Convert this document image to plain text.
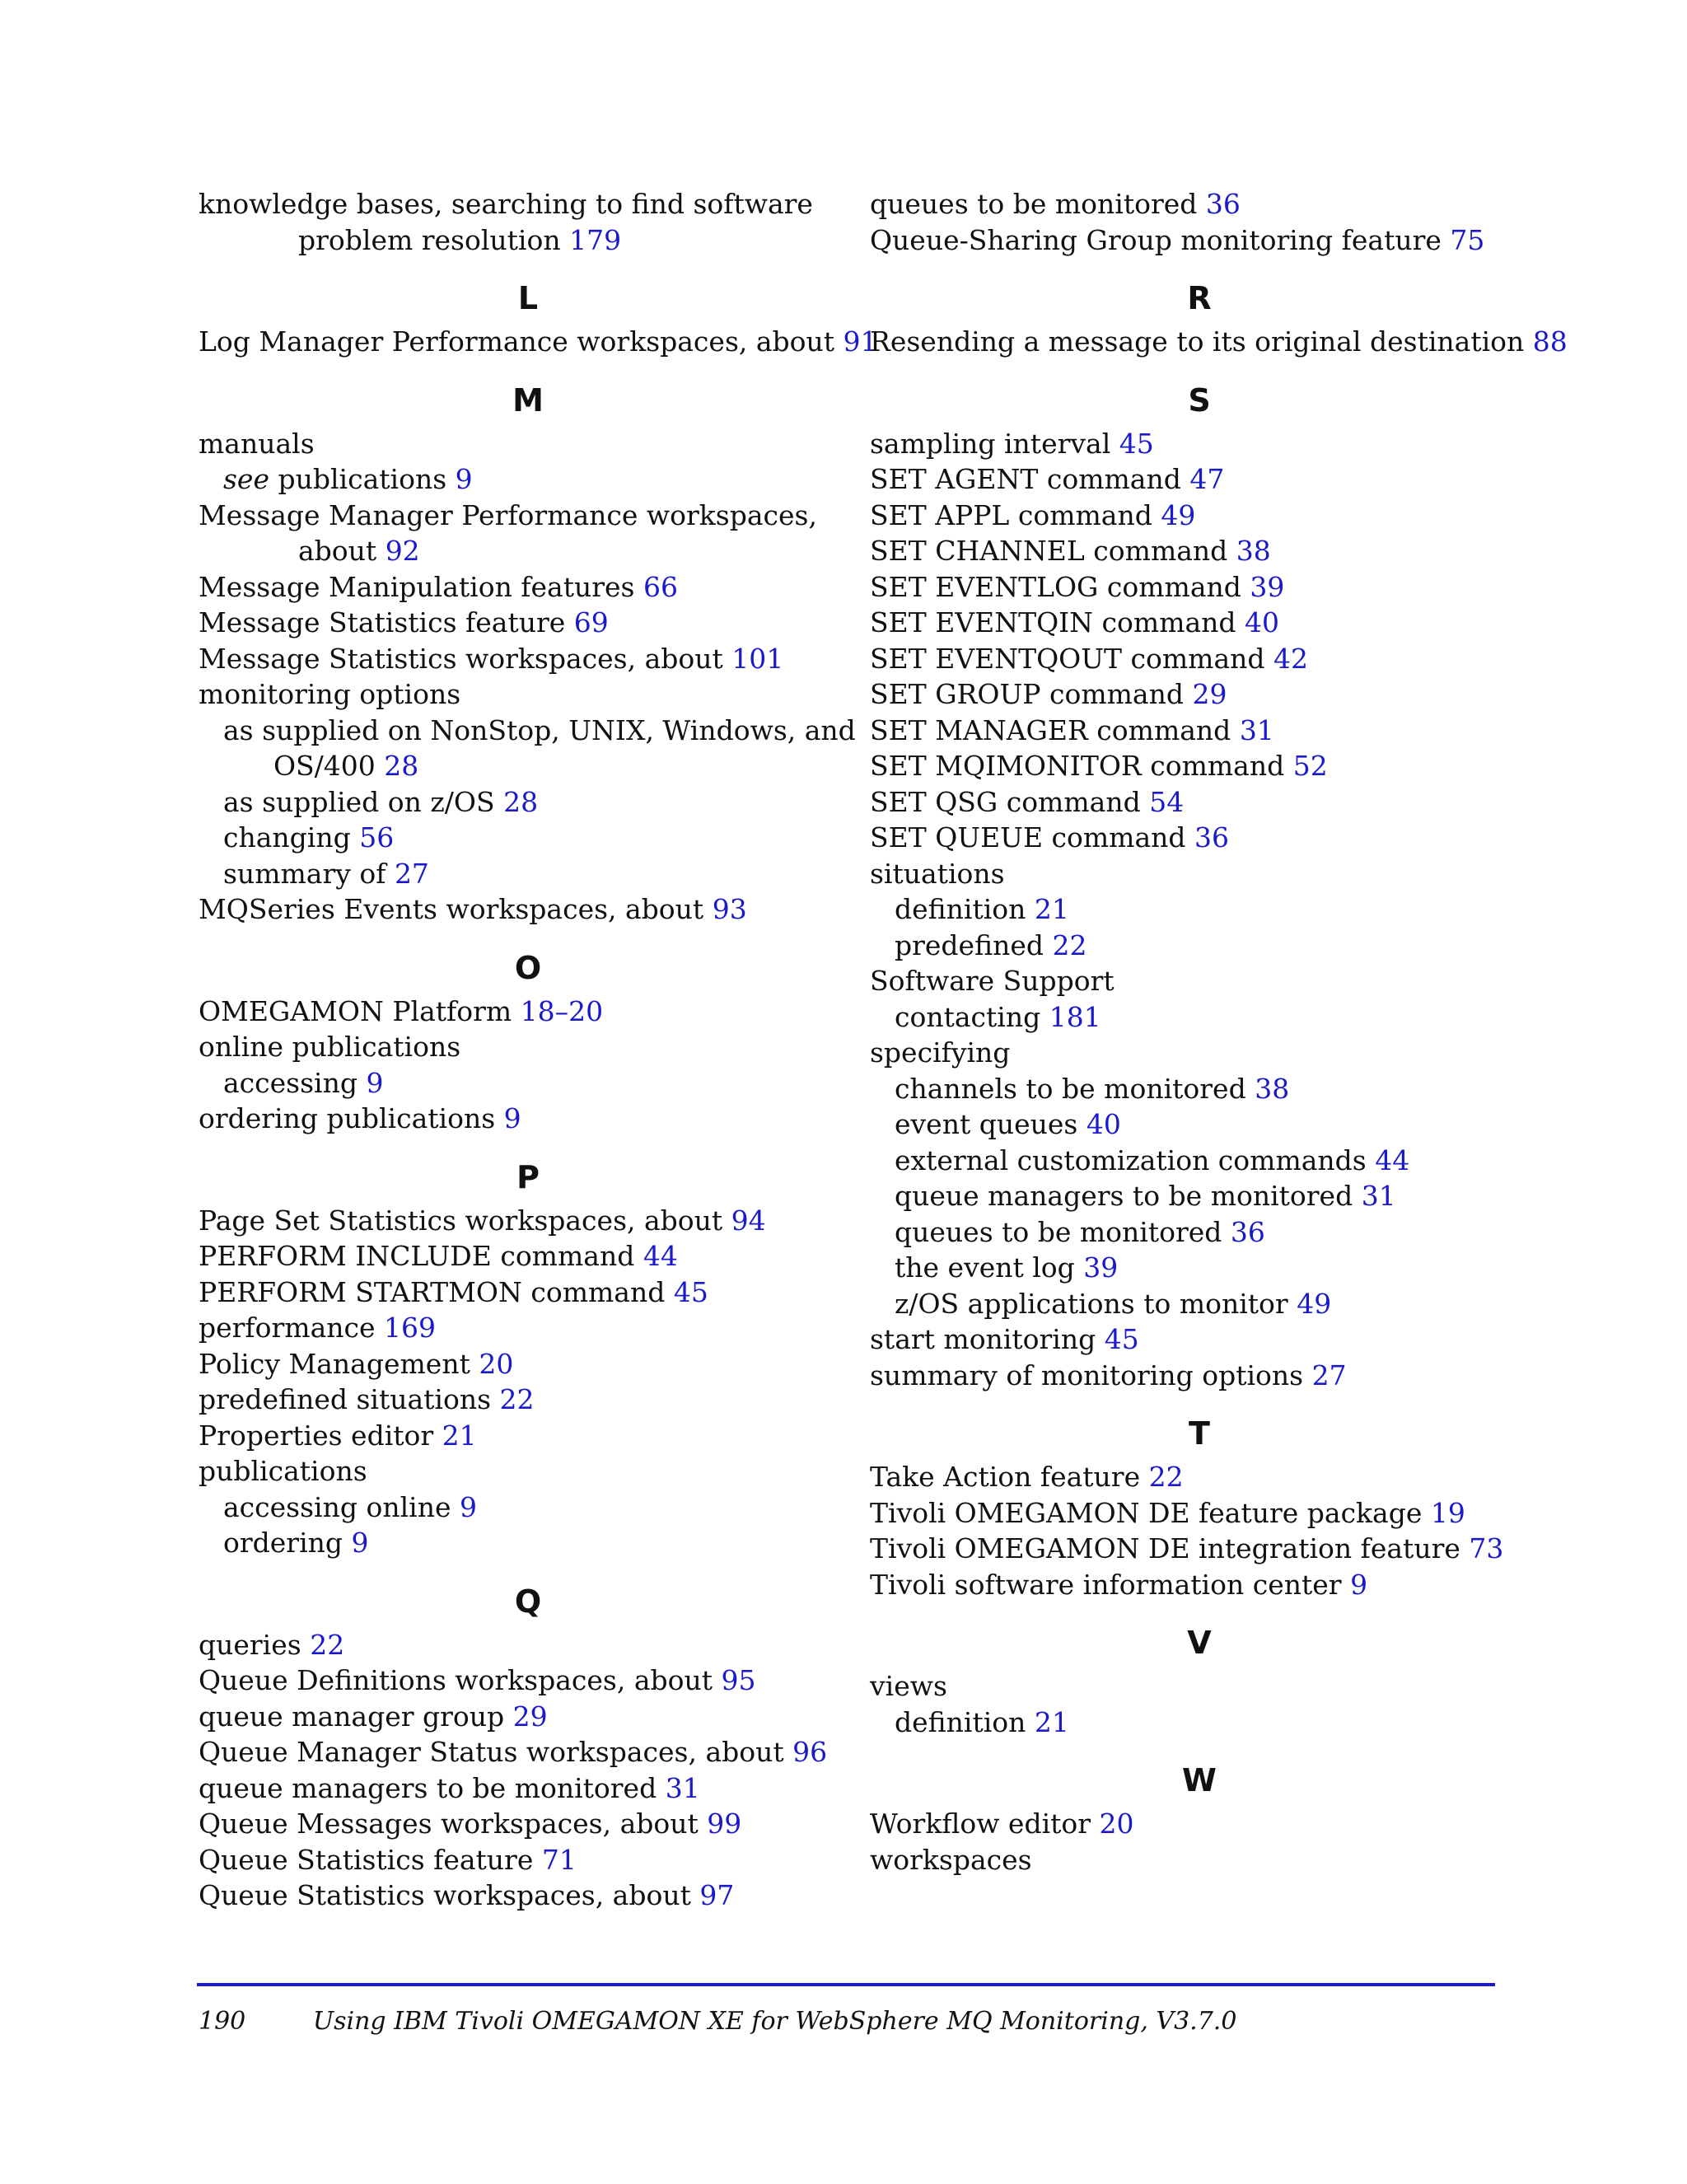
knowledge bases, searching to find software problem resolution 179
L
Log Manager Performance workspaces, about 91
M
manuals
see publications 9
Message Manager Performance workspaces, about 92
Message Manipulation features 66
Message Statistics feature 69
Message Statistics workspaces, about 101
monitoring options
as supplied on NonStop, UNIX, Windows, and OS/400 28
as supplied on z/OS 28
changing 56
summary of 27
MQSeries Events workspaces, about 93
O
OMEGAMON Platform 18–20
online publications
accessing 9
ordering publications 9
P
Page Set Statistics workspaces, about 94
PERFORM INCLUDE command 44
PERFORM STARTMON command 45
performance 169
Policy Management 20
predefined situations 22
Properties editor 21
publications
accessing online 9
ordering 9
Q
queries 22
Queue Definitions workspaces, about 95
queue manager group 29
Queue Manager Status workspaces, about 96
queue managers to be monitored 31
Queue Messages workspaces, about 99
Queue Statistics feature 71
Queue Statistics workspaces, about 97
queues to be monitored 36
Queue-Sharing Group monitoring feature 75
R
Resending a message to its original destination 88
S
sampling interval 45
SET AGENT command 47
SET APPL command 49
SET CHANNEL command 38
SET EVENTLOG command 39
SET EVENTQIN command 40
SET EVENTQOUT command 42
SET GROUP command 29
SET MANAGER command 31
SET MQIMONITOR command 52
SET QSG command 54
SET QUEUE command 36
situations
definition 21
predefined 22
Software Support
contacting 181
specifying
channels to be monitored 38
event queues 40
external customization commands 44
queue managers to be monitored 31
queues to be monitored 36
the event log 39
z/OS applications to monitor 49
start monitoring 45
summary of monitoring options 27
T
Take Action feature 22
Tivoli OMEGAMON DE feature package 19
Tivoli OMEGAMON DE integration feature 73
Tivoli software information center 9
V
views
definition 21
W
Workflow editor 20
workspaces
190	Using IBM Tivoli OMEGAMON XE for WebSphere MQ Monitoring, V3.7.0
